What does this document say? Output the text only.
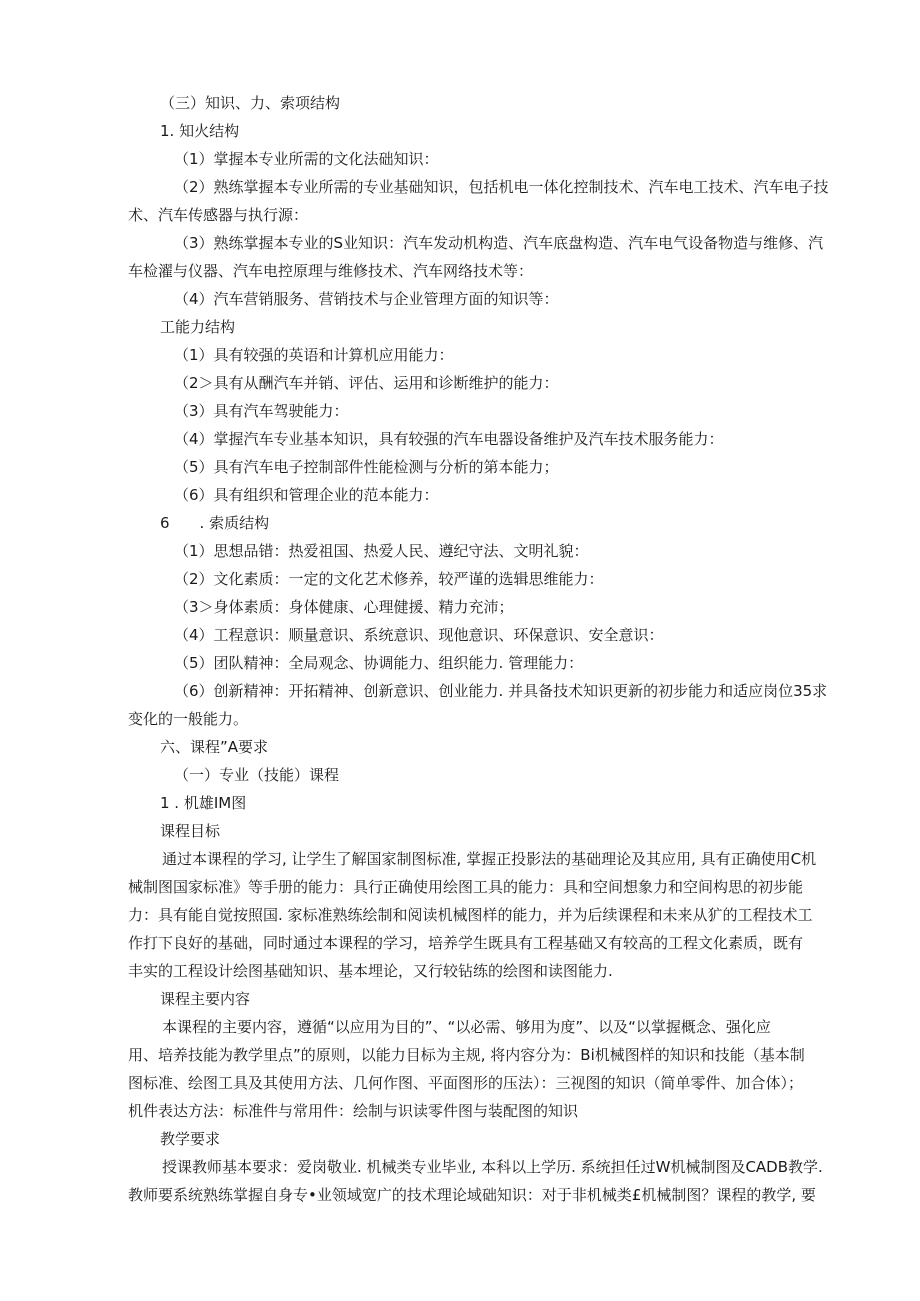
（三）知识、力、索项结构
1. 知火结构
（1）掌握本专业所需的文化法础知识：
（2）熟练掌握本专业所需的专业基础知识，包括机电一体化控制技术、汽车电工技术、汽车电子技
术、汽车传感器与执行源：
（3）熟练掌握本专业的S业知识：汽车发动机构造、汽车底盘构造、汽车电气设备物造与维修、汽
车检濯与仪器、汽车电控原理与维修技术、汽车网络技术等：
（4）汽车营销服务、营销技术与企业管理方面的知识等：
工能力结构
（1）具有较强的英语和计算机应用能力：
（2＞具有从酬汽车并销、评估、运用和诊断维护的能力：
（3）具有汽车驾驶能力：
（4）掌握汽车专业基本知识，具有较强的汽车电器设备维护及汽车技术服务能力：
（5）具有汽车电子控制部件性能检测与分析的第本能力；
（6）具有组织和管理企业的范本能力：
6　　. 索质结构
（1）思想品错：热爱祖国、热爱人民、遵纪守法、文明礼貌：
（2）文化素质：一定的文化艺术修养，较严谨的选辑思维能力：
（3＞身体素质：身体健康、心理健援、精力充沛；
（4）工程意识：顺量意识、系统意识、现他意识、环保意识、安全意识：
（5）团队精神：全局观念、协调能力、组织能力. 管理能力：
（6）创新精神：开拓精神、创新意识、创业能力. 并具备技术知识更新的初步能力和适应岗位35求
变化的一般能力。
六、课程”A要求
（一）专业（技能）课程
1 . 机雄IM图
课程目标
通过本课程的学习, 让学生了解国家制图标准, 掌握正投影法的基础理论及其应用, 具有正确使用C机
械制图国家标准》等手册的能力：具行正确使用绘图工具的能力：具和空间想象力和空间构思的初步能
力：具有能自觉按照国. 家标准熟练绘制和阅读机械图样的能力，并为后续课程和未来从犷的工程技术工
作打下良好的基础，同时通过本课程的学习，培养学生既具有工程基础又有较高的工程文化素质，既有
丰实的工程设计绘图基础知识、基本埋论，又行较钻练的绘图和读图能力.
课程主要内容
本课程的主要内容，遵循“以应用为目的”、“以必需、够用为度”、以及“以掌握概念、强化应
用、培养技能为教学里点”的原则，以能力目标为主规, 将内容分为：Bi机械图样的知识和技能（基本制
图标准、绘图工具及其使用方法、几何作图、平面图形的压法）：三视图的知识（简单零件、加合体）；
机件表达方法：标准件与常用件：绘制与识读零件图与装配图的知识
教学要求
授课教师基本要求：爱岗敬业. 机械类专业毕业, 本科以上学历. 系统担任过W机械制图及CADB教学.
教师要系统熟练掌握自身专•业领域宽广的技术理论域础知识：对于非机械类£机械制图？课程的教学, 要
